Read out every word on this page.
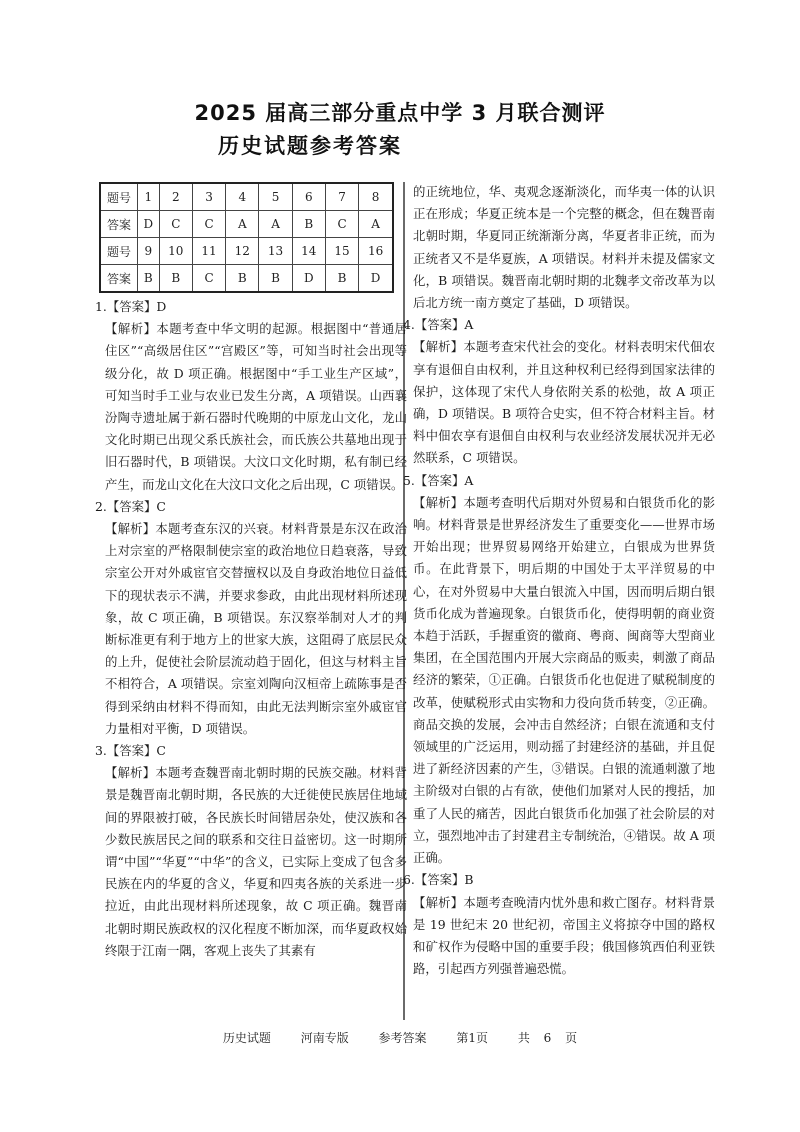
2025 届高三部分重点中学 3 月联合测评
历史试题参考答案
题号	1	2	3	4	5	6	7	8
答案	D	C	C	A	A	B	C	A
题号	9	10	11	12	13	14	15	16
答案	B	B	C	B	B	D	B	D
1.【答案】D

【解析】本题考查中华文明的起源。根据图中“普通居住区”“高级居住区”“宫殿区”等，可知当时社会出现等级分化，故 D 项正确。根据图中“手工业生产区域”，可知当时手工业与农业已发生分离，A 项错误。山西襄汾陶寺遗址属于新石器时代晚期的中原龙山文化，龙山文化时期已出现父系氏族社会，而氏族公共墓地出现于旧石器时代，B 项错误。大汶口文化时期，私有制已经产生，而龙山文化在大汶口文化之后出现，C 项错误。

2.【答案】C

【解析】本题考查东汉的兴衰。材料背景是东汉在政治上对宗室的严格限制使宗室的政治地位日趋衰落，导致宗室公开对外戚宦官交替擅权以及自身政治地位日益低下的现状表示不满，并要求参政，由此出现材料所述现象，故 C 项正确，B 项错误。东汉察举制对人才的判断标准更有利于地方上的世家大族，这阻碍了底层民众的上升，促使社会阶层流动趋于固化，但这与材料主旨不相符合，A 项错误。宗室刘陶向汉桓帝上疏陈事是否得到采纳由材料不得而知，由此无法判断宗室外戚宦官力量相对平衡，D 项错误。

3.【答案】C

【解析】本题考查魏晋南北朝时期的民族交融。材料背景是魏晋南北朝时期，各民族的大迁徙使民族居住地域间的界限被打破，各民族长时间错居杂处，使汉族和各少数民族居民之间的联系和交往日益密切。这一时期所谓“中国”“华夏”“中华”的含义，已实际上变成了包含多民族在内的华夏的含义，华夏和四夷各族的关系进一步拉近，由此出现材料所述现象，故 C 项正确。魏晋南北朝时期民族政权的汉化程度不断加深，而华夏政权始终限于江南一隅，客观上丧失了其素有

的正统地位，华、夷观念逐渐淡化，而华夷一体的认识正在形成；华夏正统本是一个完整的概念，但在魏晋南北朝时期，华夏同正统渐渐分离，华夏者非正统，而为正统者又不是华夏族，A 项错误。材料并未提及儒家文化，B 项错误。魏晋南北朝时期的北魏孝文帝改革为以后北方统一南方奠定了基础，D 项错误。

4.【答案】A

【解析】本题考查宋代社会的变化。材料表明宋代佃农享有退佃自由权利，并且这种权利已经得到国家法律的保护，这体现了宋代人身依附关系的松弛，故 A 项正确，D 项错误。B 项符合史实，但不符合材料主旨。材料中佃农享有退佃自由权利与农业经济发展状况并无必然联系，C 项错误。

5.【答案】A

【解析】本题考查明代后期对外贸易和白银货币化的影响。材料背景是世界经济发生了重要变化——世界市场开始出现；世界贸易网络开始建立，白银成为世界货币。在此背景下，明后期的中国处于太平洋贸易的中心，在对外贸易中大量白银流入中国，因而明后期白银货币化成为普遍现象。白银货币化，使得明朝的商业资本趋于活跃，手握重资的徽商、粤商、闽商等大型商业集团，在全国范围内开展大宗商品的贩卖，刺激了商品经济的繁荣，①正确。白银货币化也促进了赋税制度的改革，使赋税形式由实物和力役向货币转变，②正确。商品交换的发展，会冲击自然经济；白银在流通和支付领域里的广泛运用，则动摇了封建经济的基础，并且促进了新经济因素的产生，③错误。白银的流通刺激了地主阶级对白银的占有欲，使他们加紧对人民的搜括，加重了人民的痛苦，因此白银货币化加强了社会阶层的对立，强烈地冲击了封建君主专制统治，④错误。故 A 项正确。

6.【答案】B

【解析】本题考查晚清内忧外患和救亡图存。材料背景是 19 世纪末 20 世纪初，帝国主义将掠夺中国的路权和矿权作为侵略中国的重要手段；俄国修筑西伯利亚铁路，引起西方列强普遍恐慌。

历史试题 河南专版 参考答案 第1页 共 6 页
